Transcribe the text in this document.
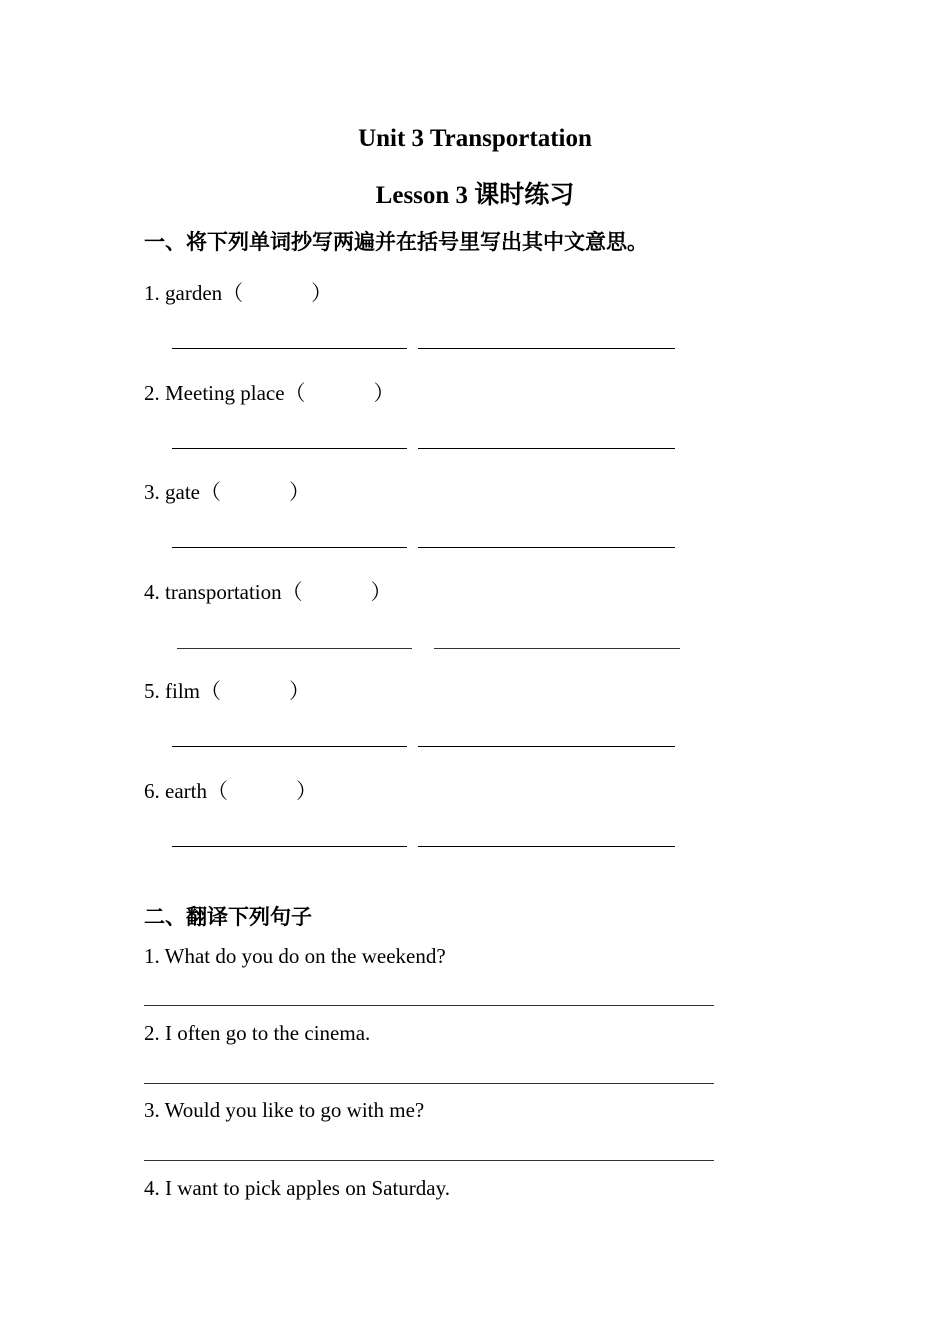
Unit 3 Transportation
Lesson 3 课时练习
一、将下列单词抄写两遍并在括号里写出其中文意思。
1. garden（	）
2. Meeting place（	）
3. gate（	）
4. transportation（	）
5. film（	）
6. earth（	）
二、翻译下列句子
1. What do you do on the weekend?
2. I often go to the cinema.
3. Would you like to go with me?
4. I want to pick apples on Saturday.
